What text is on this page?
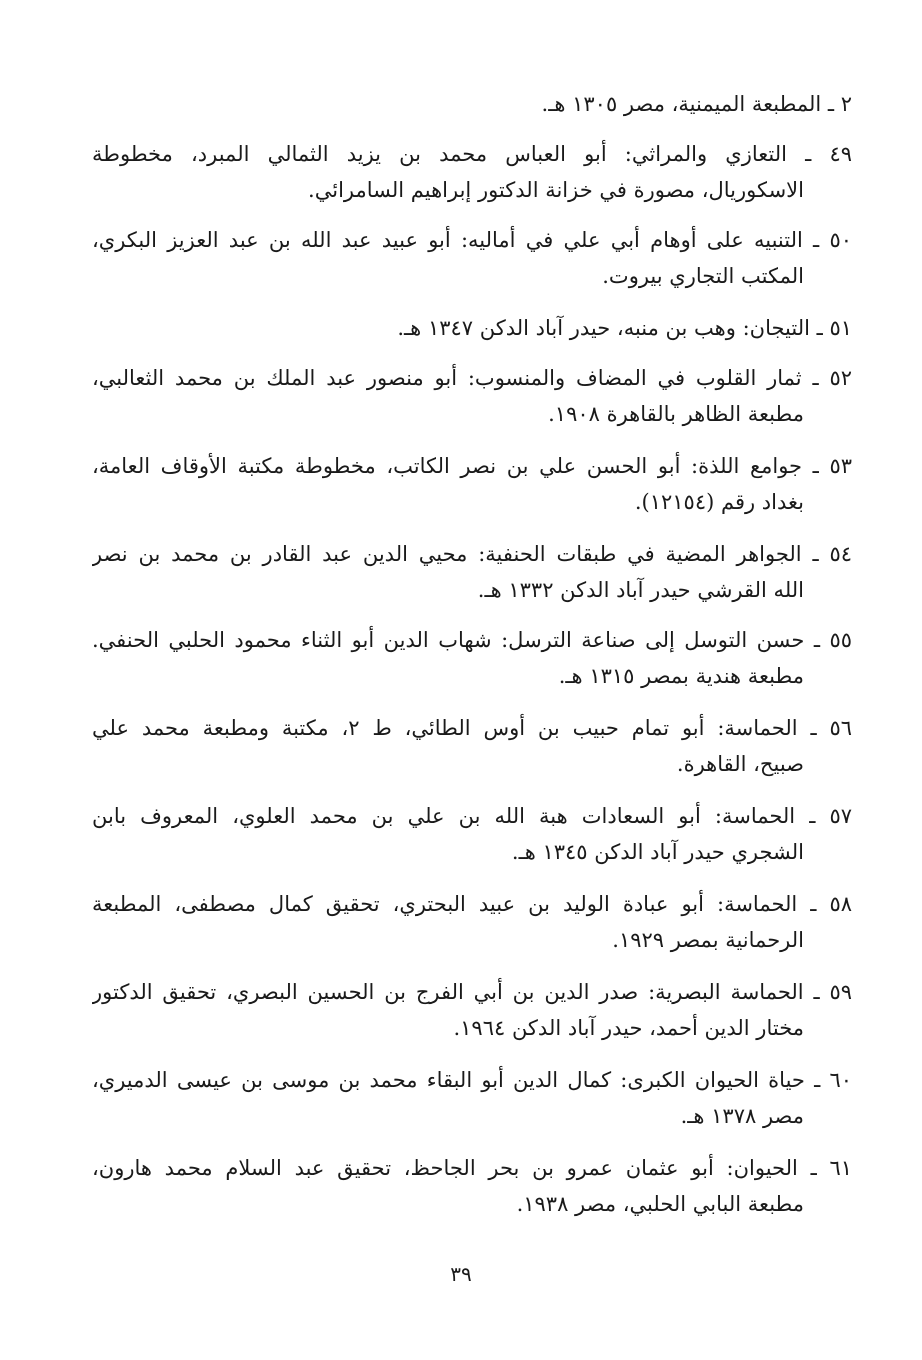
٢ ـ المطبعة الميمنية، مصر ١٣٠٥ هـ.
٤٩ ـ التعازي والمراثي: أبو العباس محمد بن يزيد الثمالي المبرد، مخطوطة
الاسكوريال، مصورة في خزانة الدكتور إبراهيم السامرائي.
٥٠ ـ التنبيه على أوهام أبي علي في أماليه: أبو عبيد عبد الله بن عبد العزيز البكري،
المكتب التجاري بيروت.
٥١ ـ التيجان: وهب بن منبه، حيدر آباد الدكن ١٣٤٧ هـ.
٥٢ ـ ثمار القلوب في المضاف والمنسوب: أبو منصور عبد الملك بن محمد الثعالبي،
مطبعة الظاهر بالقاهرة ١٩٠٨.
٥٣ ـ جوامع اللذة: أبو الحسن علي بن نصر الكاتب، مخطوطة مكتبة الأوقاف العامة،
بغداد رقم (١٢١٥٤).
٥٤ ـ الجواهر المضية في طبقات الحنفية: محيي الدين عبد القادر بن محمد بن نصر
الله القرشي حيدر آباد الدكن ١٣٣٢ هـ.
٥٥ ـ حسن التوسل إلى صناعة الترسل: شهاب الدين أبو الثناء محمود الحلبي الحنفي.
مطبعة هندية بمصر ١٣١٥ هـ.
٥٦ ـ الحماسة: أبو تمام حبيب بن أوس الطائي، ط ٢، مكتبة ومطبعة محمد علي
صبيح، القاهرة.
٥٧ ـ الحماسة: أبو السعادات هبة الله بن علي بن محمد العلوي، المعروف بابن
الشجري حيدر آباد الدكن ١٣٤٥ هـ.
٥٨ ـ الحماسة: أبو عبادة الوليد بن عبيد البحتري، تحقيق كمال مصطفى، المطبعة
الرحمانية بمصر ١٩٢٩.
٥٩ ـ الحماسة البصرية: صدر الدين بن أبي الفرج بن الحسين البصري، تحقيق الدكتور
مختار الدين أحمد، حيدر آباد الدكن ١٩٦٤.
٦٠ ـ حياة الحيوان الكبرى: كمال الدين أبو البقاء محمد بن موسى بن عيسى الدميري،
مصر ١٣٧٨ هـ.
٦١ ـ الحيوان: أبو عثمان عمرو بن بحر الجاحظ، تحقيق عبد السلام محمد هارون،
مطبعة البابي الحلبي، مصر ١٩٣٨.
٣٩
